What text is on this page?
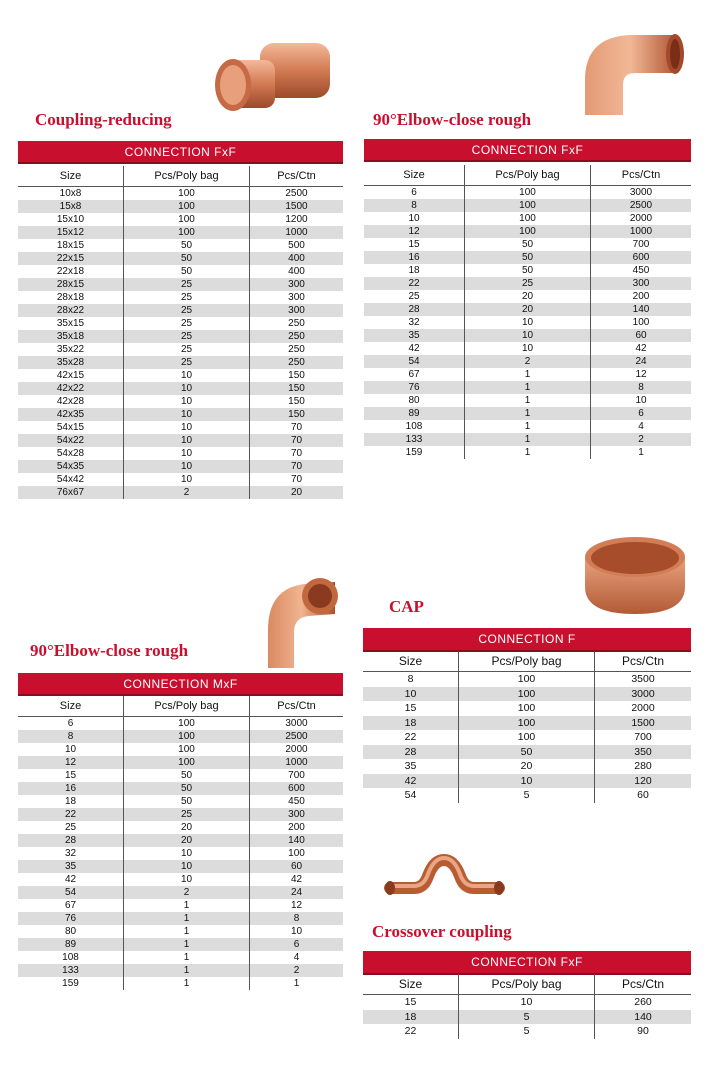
Coupling-reducing
CONNECTION FxF
Size	Pcs/Poly bag	Pcs/Ctn
10x8	100	2500
15x8	100	1500
15x10	100	1200
15x12	100	1000
18x15	50	500
22x15	50	400
22x18	50	400
28x15	25	300
28x18	25	300
28x22	25	300
35x15	25	250
35x18	25	250
35x22	25	250
35x28	25	250
42x15	10	150
42x22	10	150
42x28	10	150
42x35	10	150
54x15	10	70
54x22	10	70
54x28	10	70
54x35	10	70
54x42	10	70
76x67	2	20
90°Elbow-close rough
CONNECTION FxF
Size	Pcs/Poly bag	Pcs/Ctn
6	100	3000
8	100	2500
10	100	2000
12	100	1000
15	50	700
16	50	600
18	50	450
22	25	300
25	20	200
28	20	140
32	10	100
35	10	60
42	10	42
54	2	24
67	1	12
76	1	8
80	1	10
89	1	6
108	1	4
133	1	2
159	1	1
90°Elbow-close rough
CONNECTION MxF
Size	Pcs/Poly bag	Pcs/Ctn
6	100	3000
8	100	2500
10	100	2000
12	100	1000
15	50	700
16	50	600
18	50	450
22	25	300
25	20	200
28	20	140
32	10	100
35	10	60
42	10	42
54	2	24
67	1	12
76	1	8
80	1	10
89	1	6
108	1	4
133	1	2
159	1	1
CAP
CONNECTION F
Size	Pcs/Poly bag	Pcs/Ctn
8	100	3500
10	100	3000
15	100	2000
18	100	1500
22	100	700
28	50	350
35	20	280
42	10	120
54	5	60
Crossover coupling
CONNECTION FxF
Size	Pcs/Poly bag	Pcs/Ctn
15	10	260
18	5	140
22	5	90
